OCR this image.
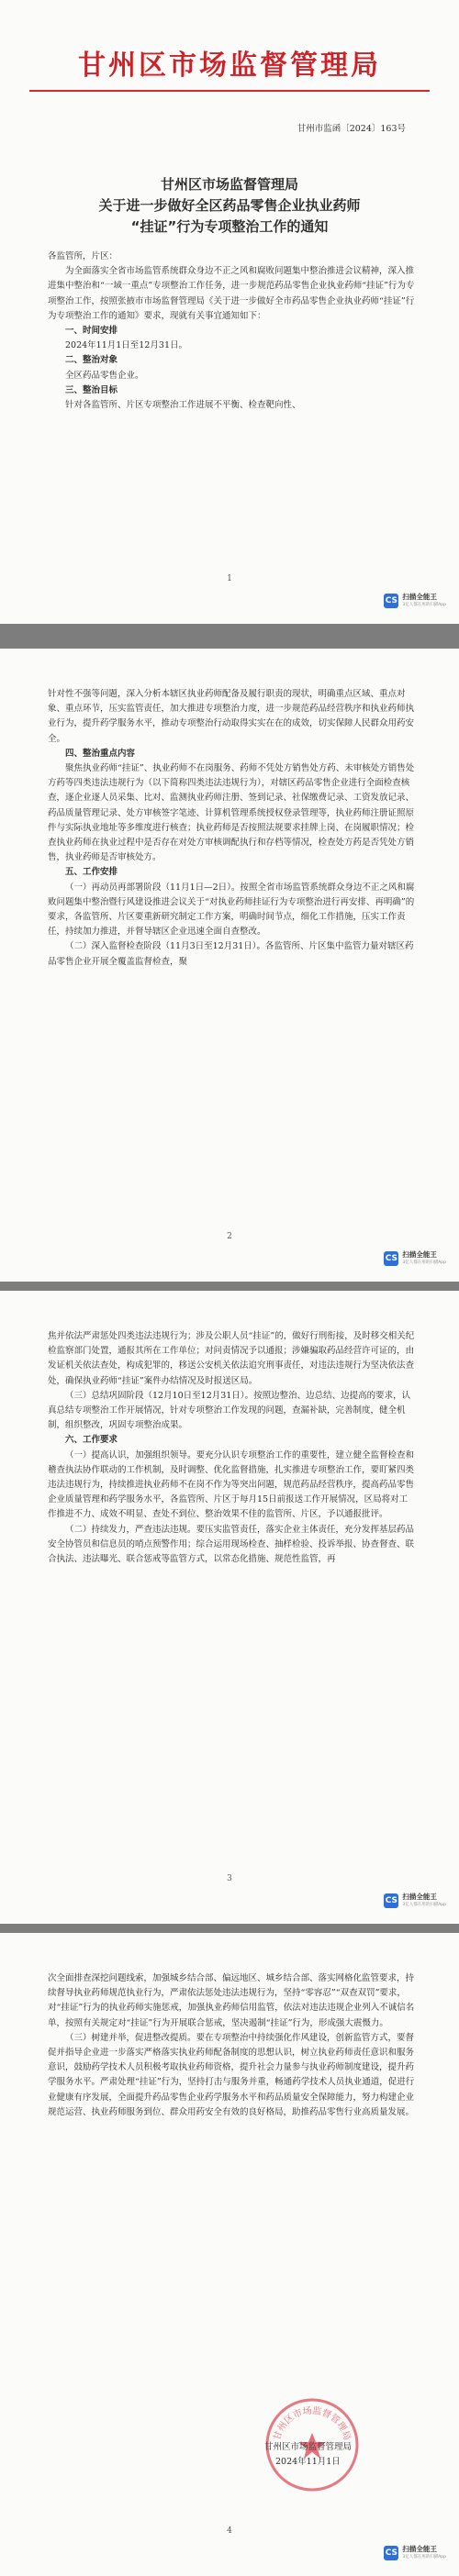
甘州区市场监督管理局
甘州市监函〔2024〕163号
甘州区市场监督管理局
关于进一步做好全区药品零售企业执业药师
“挂证”行为专项整治工作的通知

各监管所，片区：

为全面落实全省市场监管系统群众身边不正之风和腐败问题集中整治推进会议精神，深入推进集中整治和“一域一重点”专项整治工作任务，进一步规范药品零售企业执业药师“挂证”行为专项整治工作，按照张掖市市场监督管理局《关于进一步做好全市药品零售企业执业药师“挂证”行为专项整治工作的通知》要求，现就有关事宜通知如下：

一、时间安排

2024年11月1日至12月31日。

二、整治对象

全区药品零售企业。

三、整治目标

针对各监管所、片区专项整治工作进展不平衡、检查靶向性、

1
CS 扫描全能王
3亿人都在用的扫描App

针对性不强等问题，深入分析本辖区执业药师配备及履行职责的现状，明确重点区域、重点对象、重点环节，压实监管责任，加大推进专项整治力度，进一步规范药品经营秩序和执业药师执业行为，提升药学服务水平，推动专项整治行动取得实实在在的成效，切实保障人民群众用药安全。

四、整治重点内容

聚焦执业药师“挂证”、执业药师不在岗服务、药师不凭处方销售处方药、未审核处方销售处方药等四类违法违规行为（以下简称四类违法违规行为），对辖区药品零售企业进行全面检查核查，逐企业逐人员采集、比对、监测执业药师注册、签到记录、社保缴费记录、工资发放记录、药品质量管理记录、处方审核签字笔迹、计算机管理系统授权登录管理等，执业药师注册证照原件与实际执业地址等多维度进行核查；执业药师是否按照法规要求挂牌上岗、在岗履职情况；检查执业药师在执业过程中是否存在对处方审核调配执行和存档等情况，检查处方药是否凭处方销售，执业药师是否审核处方。

五、工作安排

（一）再动员再部署阶段（11月1日—2日）。按照全省市场监管系统群众身边不正之风和腐败问题集中整治暨行风建设推进会议关于“对执业药师挂证行为专项整治进行再安排、再明确”的要求，各监管所、片区要重新研究制定工作方案，明确时间节点，细化工作措施，压实工作责任，持续加力推进，并督导辖区企业迅速全面自查整改。

（二）深入监督检查阶段（11月3日至12月31日）。各监管所、片区集中监管力量对辖区药品零售企业开展全覆盖监督检查，聚

2
CS 扫描全能王
3亿人都在用的扫描App

焦并依法严肃惩处四类违法违规行为；涉及公职人员“挂证”的，做好行刑衔接，及时移交相关纪检监察部门处置，通报其所在工作单位；对问责情况予以通报；涉嫌骗取药品经营许可证的，由发证机关依法查处，构成犯罪的，移送公安机关依法追究刑事责任，对违法违规行为坚决依法查处，确保执业药师“挂证”案件办结情况及时报送区局。

（三）总结巩固阶段（12月10日至12月31日）。按照边整治、边总结、边提高的要求，认真总结专项整治工作开展情况，针对专项整治工作发现的问题，查漏补缺，完善制度，健全机制，组织整改，巩固专项整治成果。

六、工作要求

（一）提高认识，加强组织领导。要充分认识专项整治工作的重要性，建立健全监督检查和稽查执法协作联动的工作机制，及时调整、优化监督措施，扎实推进专项整治工作，要盯紧四类违法违规行为，持续推进执业药师不在岗不作为等突出问题，规范药品经营秩序，提高药品零售企业质量管理和药学服务水平，各监管所、片区于每月15日前报送工作开展情况，区局将对工作推进不力、成效不明显、查处不到位、整治效果不佳的监管所、片区，予以通报批评。

（二）持续发力，严查违法违规。要压实监管责任，落实企业主体责任，充分发挥基层药品安全协管员和信息员的哨点预警作用；综合运用现场检查、抽样检验、投诉举报、协查督查、联合执法、违法曝光、联合惩戒等监管方式，以常态化措施、规范性监管，再

3
CS 扫描全能王
3亿人都在用的扫描App

次全面排查深挖问题线索，加强城乡结合部、偏远地区、城乡结合部、落实网格化监管要求，持续督导执业药师规范执业行为，严肃依法惩处违法违规行为，坚持“零容忍”“双查双罚”要求，对“挂证”行为的执业药师实施惩戒，加强执业药师信用监管，依法对违法违规企业列入不诚信名单，按照有关规定对“挂证”行为开展联合惩戒，坚决遏制“挂证”行为，形成强大震慑力。

（三）树建并举，促进整改提质。要在专项整治中持续强化作风建设，创新监管方式，要督促并指导企业进一步落实严格落实执业药师配备制度的思想认识，树立执业药师责任意识和服务意识，鼓励药学技术人员积极考取执业药师资格，提升社会力量参与执业药师制度建设，提升药学服务水平。严肃处理“挂证”行为，坚持打击与服务并重，畅通药学技术人员执业通道，促进行业健康有序发展，全面提升药品零售企业药学服务水平和药品质量安全保障能力，努力构建企业规范运营、执业药师服务到位、群众用药安全有效的良好格局，助推药品零售行业高质量发展。

甘州区市场监督管理局
甘州区市场监督管理局
2024年11月1日
4
CS 扫描全能王
3亿人都在用的扫描App
